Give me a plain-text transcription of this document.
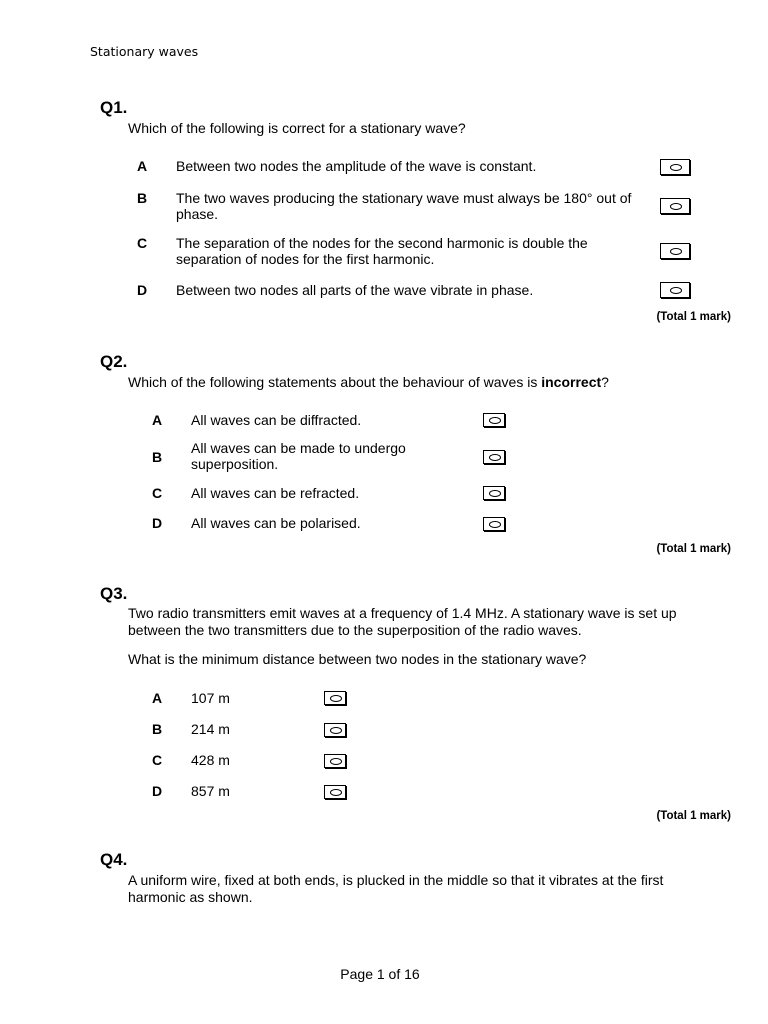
Stationary waves
Q1.
Which of the following is correct for a stationary wave?
A Between two nodes the amplitude of the wave is constant.
B The two waves producing the stationary wave must always be 180° out of phase.
C The separation of the nodes for the second harmonic is double the separation of nodes for the first harmonic.
D Between two nodes all parts of the wave vibrate in phase.
(Total 1 mark)
Q2.
Which of the following statements about the behaviour of waves is incorrect?
A All waves can be diffracted.
B
All waves can be made to undergo superposition.
C All waves can be refracted.
D All waves can be polarised.
(Total 1 mark)
Q3.
Two radio transmitters emit waves at a frequency of 1.4 MHz. A stationary wave is set up between the two transmitters due to the superposition of the radio waves.
What is the minimum distance between two nodes in the stationary wave?
A 107 m
B 214 m
C 428 m
D 857 m
(Total 1 mark)
Q4.
A uniform wire, fixed at both ends, is plucked in the middle so that it vibrates at the first harmonic as shown.
Page 1 of 16
